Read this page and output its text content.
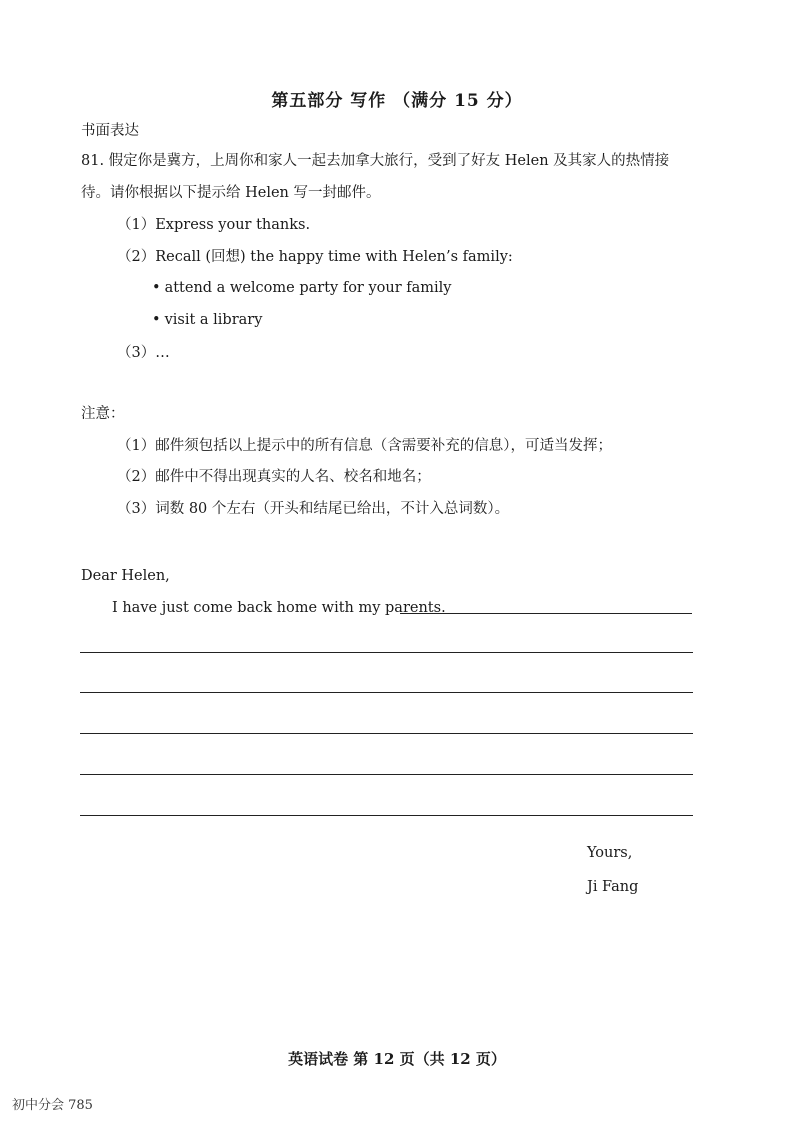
第五部分 写作 （满分 15 分）
书面表达
81. 假定你是冀方，上周你和家人一起去加拿大旅行，受到了好友 Helen 及其家人的热情接
待。请你根据以下提示给 Helen 写一封邮件。
（1）Express your thanks.
（2）Recall (回想) the happy time with Helen’s family:
• attend a welcome party for your family
• visit a library
（3）…
注意：
（1）邮件须包括以上提示中的所有信息（含需要补充的信息），可适当发挥；
（2）邮件中不得出现真实的人名、校名和地名；
（3）词数 80 个左右（开头和结尾已给出，不计入总词数）。
Dear Helen,
I have just come back home with my parents.
Yours,
Ji Fang
英语试卷 第 12 页（共 12 页）
初中分会 785
